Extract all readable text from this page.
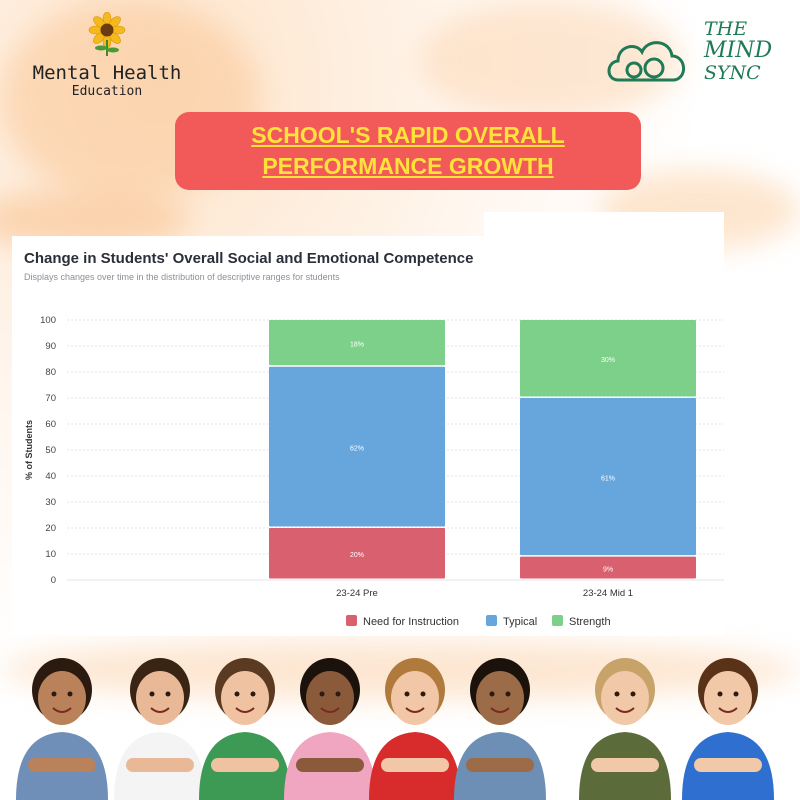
Mental Health
Education
THE
MIND
SYNC
SCHOOL'S RAPID OVERALL
PERFORMANCE GROWTH
Change in Students' Overall Social and Emotional Competence
Displays changes over time in the distribution of descriptive ranges for students
0
10
20
30
40
50
60
70
80
90
100
% of Students
20%
62%
18%
23-24 Pre
9%
61%
30%
23-24 Mid 1
Need for Instruction	Typical	Strength
